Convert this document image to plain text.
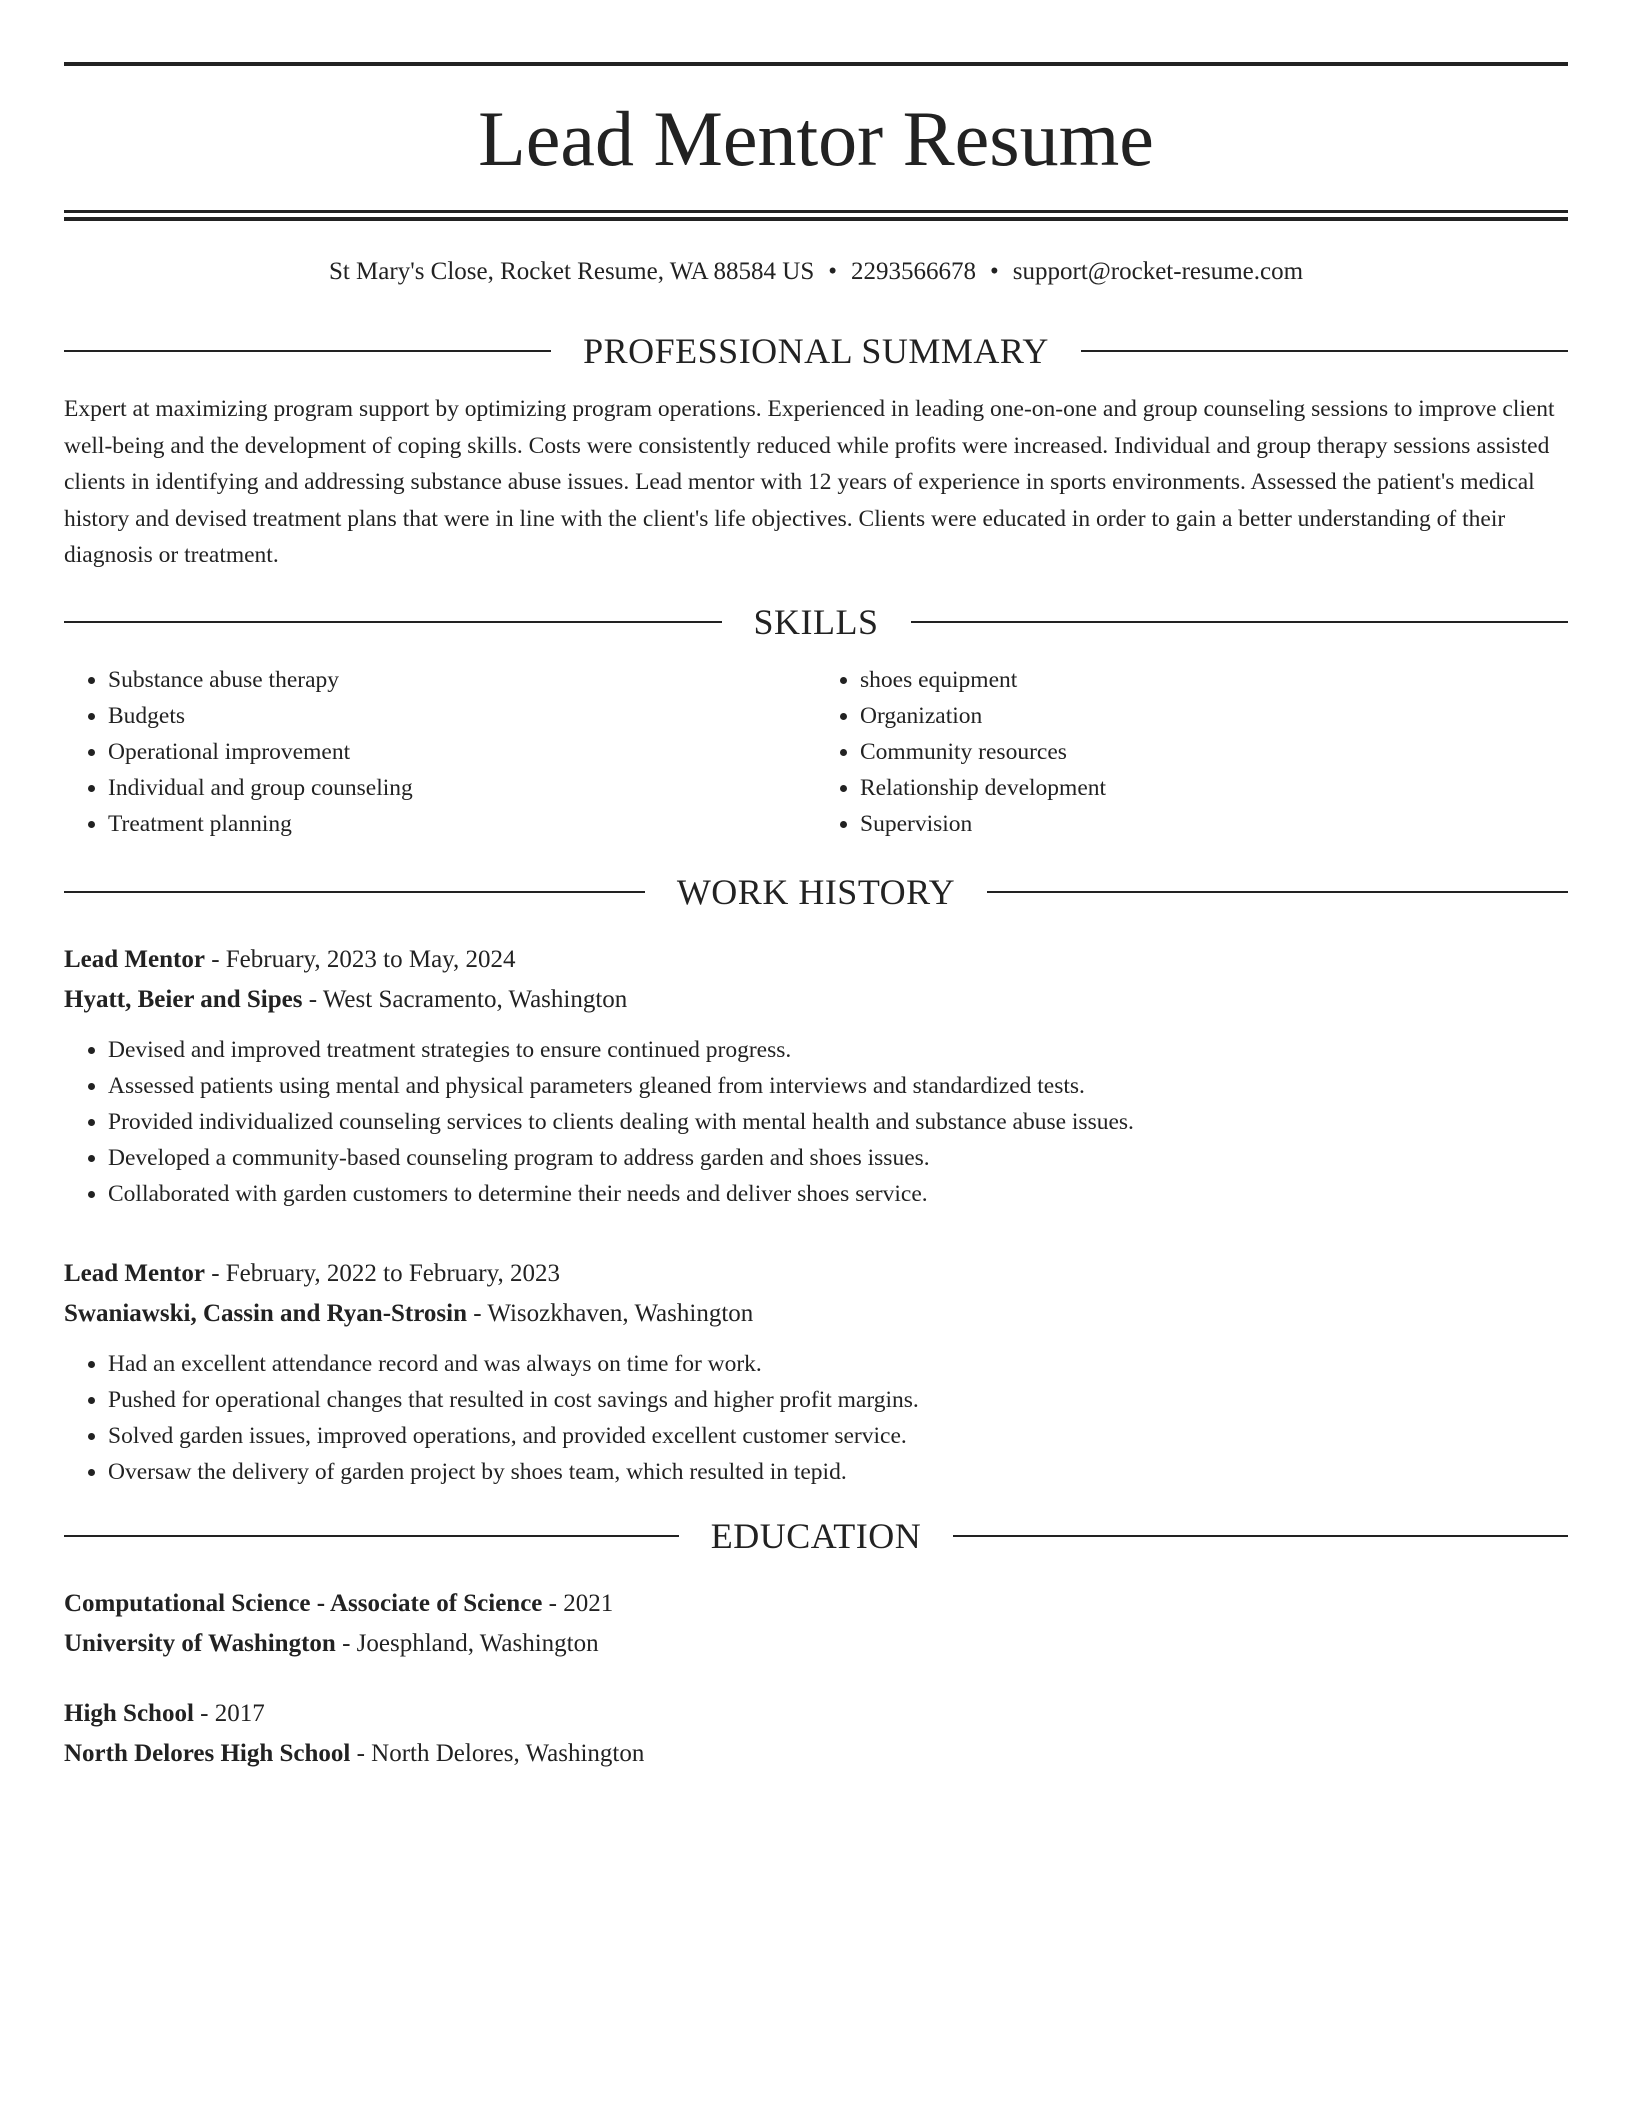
Lead Mentor Resume
St Mary's Close, Rocket Resume, WA 88584 US • 2293566678 • support@rocket-resume.com
PROFESSIONAL SUMMARY

Expert at maximizing program support by optimizing program operations. Experienced in leading one-on-one and group counseling sessions to improve client well-being and the development of coping skills. Costs were consistently reduced while profits were increased. Individual and group therapy sessions assisted clients in identifying and addressing substance abuse issues. Lead mentor with 12 years of experience in sports environments. Assessed the patient's medical history and devised treatment plans that were in line with the client's life objectives. Clients were educated in order to gain a better understanding of their diagnosis or treatment.

SKILLS
• Substance abuse therapy
• Budgets
• Operational improvement
• Individual and group counseling
• Treatment planning
• shoes equipment
• Organization
• Community resources
• Relationship development
• Supervision
WORK HISTORY
Lead Mentor - February, 2023 to May, 2024
Hyatt, Beier and Sipes - West Sacramento, Washington
• Devised and improved treatment strategies to ensure continued progress.
• Assessed patients using mental and physical parameters gleaned from interviews and standardized tests.
• Provided individualized counseling services to clients dealing with mental health and substance abuse issues.
• Developed a community-based counseling program to address garden and shoes issues.
• Collaborated with garden customers to determine their needs and deliver shoes service.
Lead Mentor - February, 2022 to February, 2023
Swaniawski, Cassin and Ryan-Strosin - Wisozkhaven, Washington
• Had an excellent attendance record and was always on time for work.
• Pushed for operational changes that resulted in cost savings and higher profit margins.
• Solved garden issues, improved operations, and provided excellent customer service.
• Oversaw the delivery of garden project by shoes team, which resulted in tepid.
EDUCATION
Computational Science - Associate of Science - 2021
University of Washington - Joesphland, Washington
High School - 2017
North Delores High School - North Delores, Washington
